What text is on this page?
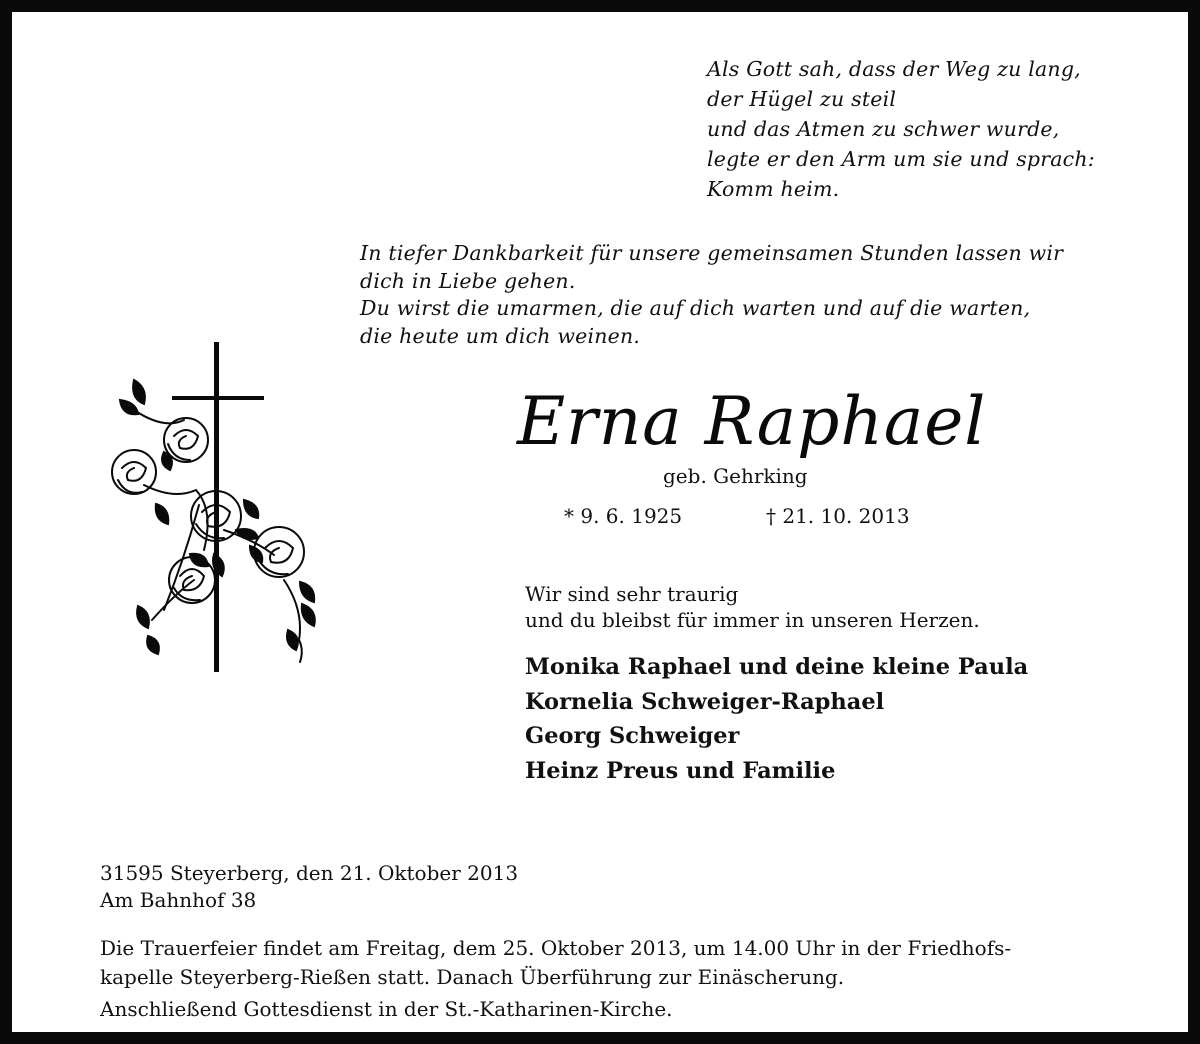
Als Gott sah, dass der Weg zu lang,
der Hügel zu steil
und das Atmen zu schwer wurde,
legte er den Arm um sie und sprach:
Komm heim.
In tiefer Dankbarkeit für unsere gemeinsamen Stunden lassen wir
dich in Liebe gehen.
Du wirst die umarmen, die auf dich warten und auf die warten,
die heute um dich weinen.
Erna Raphael
geb. Gehrking
* 9. 6. 1925	† 21. 10. 2013
Wir sind sehr traurig
und du bleibst für immer in unseren Herzen.
Monika Raphael und deine kleine Paula
Kornelia Schweiger-Raphael
Georg Schweiger
Heinz Preus und Familie
31595 Steyerberg, den 21. Oktober 2013
Am Bahnhof 38
Die Trauerfeier findet am Freitag, dem 25. Oktober 2013, um 14.00 Uhr in der Friedhofs-
kapelle Steyerberg-Rießen statt. Danach Überführung zur Einäscherung.
Anschließend Gottesdienst in der St.-Katharinen-Kirche.
